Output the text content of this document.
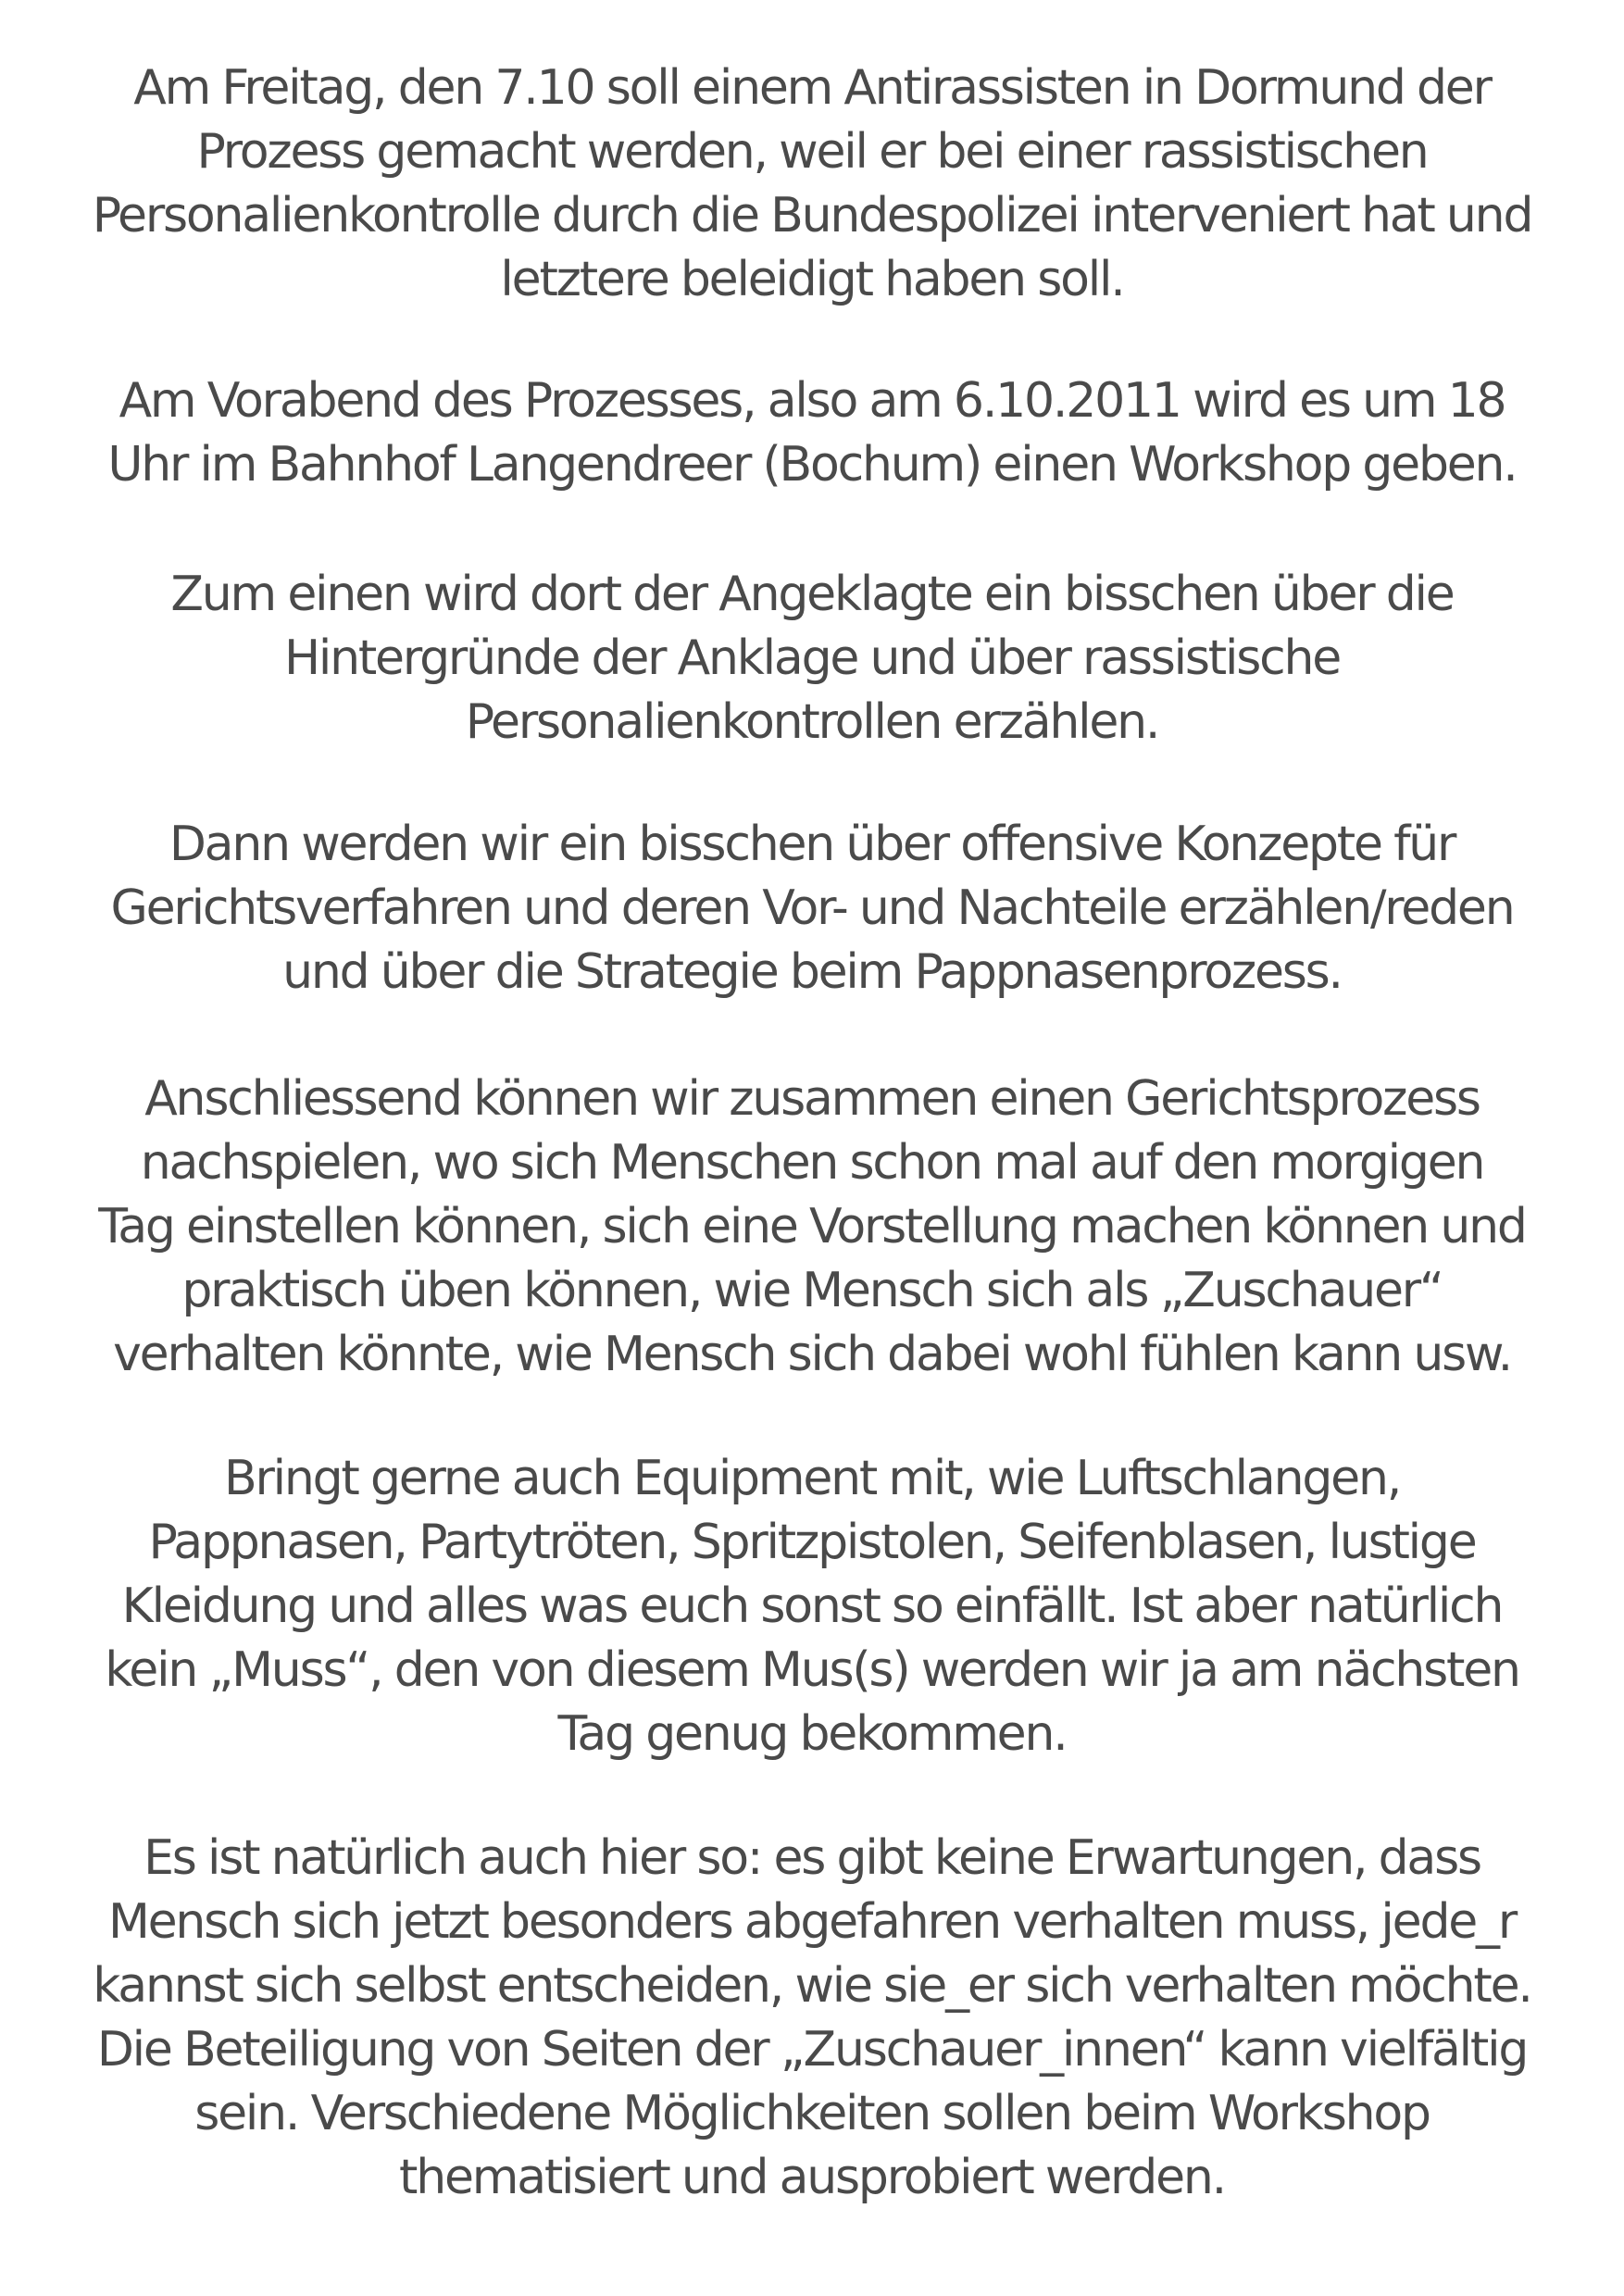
Am Freitag, den 7.10 soll einem Antirassisten in Dormund der
Prozess gemacht werden, weil er bei einer rassistischen
Personalienkontrolle durch die Bundespolizei interveniert hat und
letztere beleidigt haben soll.

Am Vorabend des Prozesses, also am 6.10.2011 wird es um 18
Uhr im Bahnhof Langendreer (Bochum) einen Workshop geben.

Zum einen wird dort der Angeklagte ein bisschen über die
Hintergründe der Anklage und über rassistische
Personalienkontrollen erzählen.

Dann werden wir ein bisschen über offensive Konzepte für
Gerichtsverfahren und deren Vor- und Nachteile erzählen/reden
und über die Strategie beim Pappnasenprozess.

Anschliessend können wir zusammen einen Gerichtsprozess
nachspielen, wo sich Menschen schon mal auf den morgigen
Tag einstellen können, sich eine Vorstellung machen können und
praktisch üben können, wie Mensch sich als „Zuschauer“
verhalten könnte, wie Mensch sich dabei wohl fühlen kann usw.

Bringt gerne auch Equipment mit, wie Luftschlangen,
Pappnasen, Partytröten, Spritzpistolen, Seifenblasen, lustige
Kleidung und alles was euch sonst so einfällt. Ist aber natürlich
kein „Muss“, den von diesem Mus(s) werden wir ja am nächsten
Tag genug bekommen.

Es ist natürlich auch hier so: es gibt keine Erwartungen, dass
Mensch sich jetzt besonders abgefahren verhalten muss, jede_r
kannst sich selbst entscheiden, wie sie_er sich verhalten möchte.
Die Beteiligung von Seiten der „Zuschauer_innen“ kann vielfältig
sein. Verschiedene Möglichkeiten sollen beim Workshop
thematisiert und ausprobiert werden.
